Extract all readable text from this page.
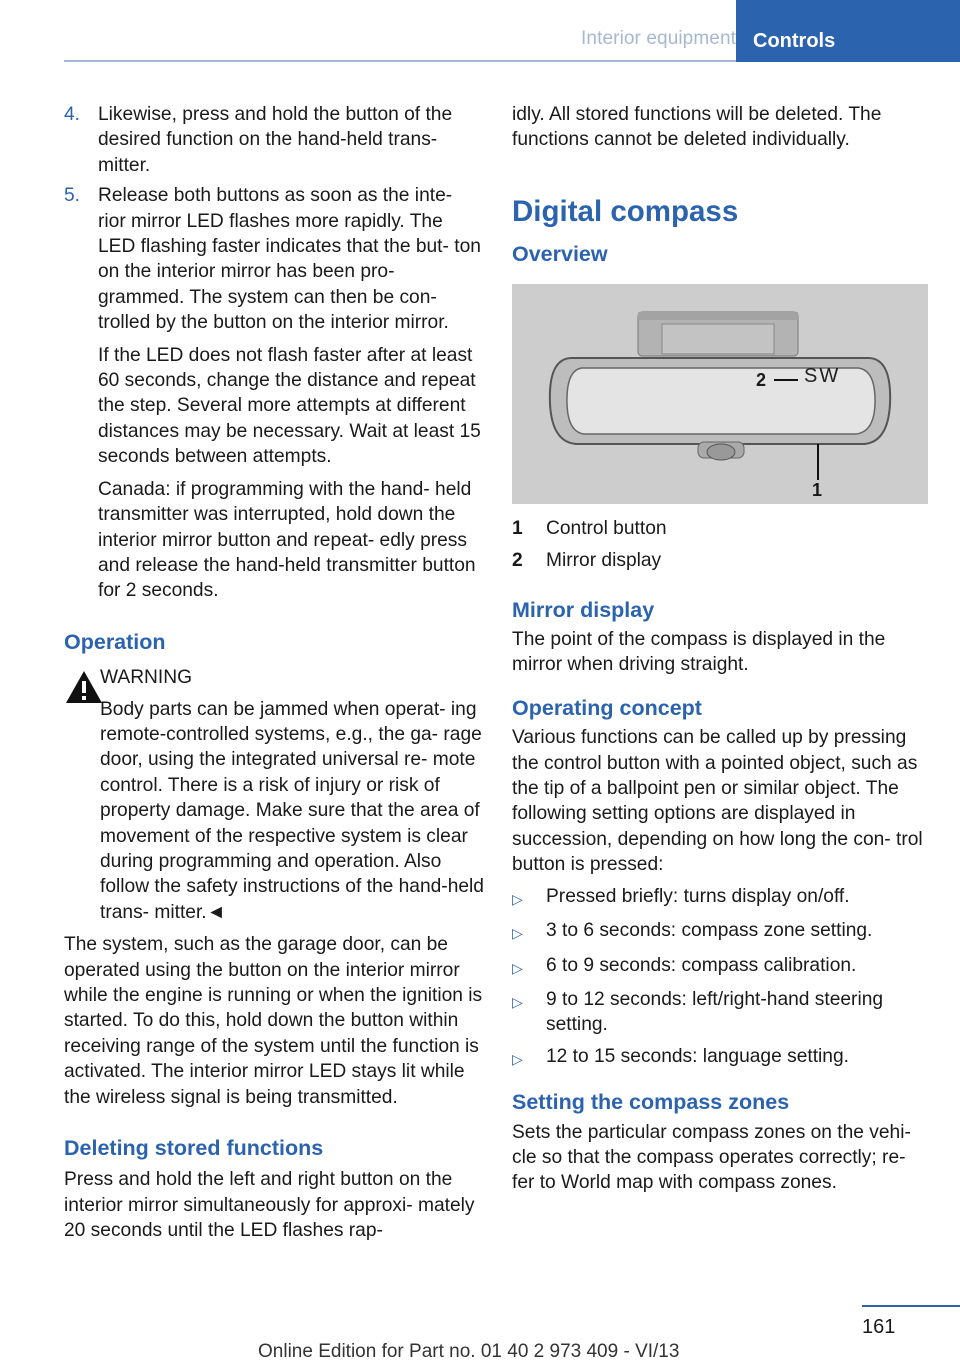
Interior equipment Controls
4. Likewise, press and hold the button of the desired function on the hand-held trans- mitter.
5. Release both buttons as soon as the inte- rior mirror LED flashes more rapidly. The LED flashing faster indicates that the but- ton on the interior mirror has been pro- grammed. The system can then be con- trolled by the button on the interior mirror.
If the LED does not flash faster after at least 60 seconds, change the distance and repeat the step. Several more attempts at different distances may be necessary. Wait at least 15 seconds between attempts.
Canada: if programming with the hand- held transmitter was interrupted, hold down the interior mirror button and repeat- edly press and release the hand-held transmitter button for 2 seconds.
Operation
WARNING
Body parts can be jammed when operat- ing remote-controlled systems, e.g., the ga- rage door, using the integrated universal re- mote control. There is a risk of injury or risk of property damage. Make sure that the area of movement of the respective system is clear during programming and operation. Also follow the safety instructions of the hand-held trans- mitter.◄

The system, such as the garage door, can be operated using the button on the interior mirror while the engine is running or when the ignition is started. To do this, hold down the button within receiving range of the system until the function is activated. The interior mirror LED stays lit while the wireless signal is being transmitted.

Deleting stored functions
Press and hold the left and right button on the interior mirror simultaneously for approxi- mately 20 seconds until the LED flashes rap-
idly. All stored functions will be deleted. The functions cannot be deleted individually.
Digital compass
Overview
2 SW
1
1	Control button
2	Mirror display
Mirror display
The point of the compass is displayed in the mirror when driving straight.
Operating concept
Various functions can be called up by pressing the control button with a pointed object, such as the tip of a ballpoint pen or similar object. The following setting options are displayed in succession, depending on how long the con- trol button is pressed:
▷	Pressed briefly: turns display on/off.
▷	3 to 6 seconds: compass zone setting.
▷	6 to 9 seconds: compass calibration.
▷	9 to 12 seconds: left/right-hand steering setting.
▷	12 to 15 seconds: language setting.
Setting the compass zones
Sets the particular compass zones on the vehi- cle so that the compass operates correctly; re- fer to World map with compass zones.
161
Online Edition for Part no. 01 40 2 973 409 - VI/13
